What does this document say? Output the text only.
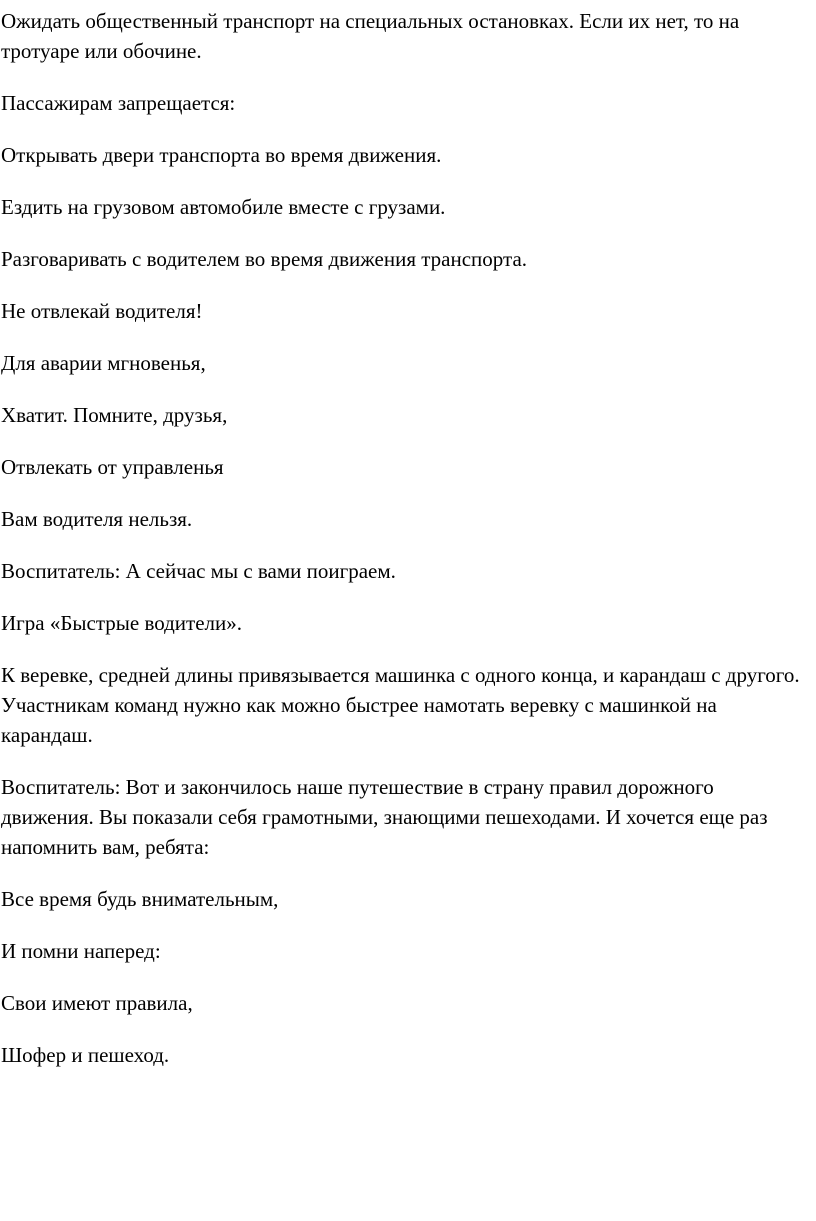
Ожидать общественный транспорт на специальных остановках. Если их нет, то на тротуаре или обочине.

Пассажирам запрещается:

Открывать двери транспорта во время движения.

Ездить на грузовом автомобиле вместе с грузами.

Разговаривать с водителем во время движения транспорта.

Не отвлекай водителя!

Для аварии мгновенья,

Хватит. Помните, друзья,

Отвлекать от управленья

Вам водителя нельзя.

Воспитатель: А сейчас мы с вами поиграем.

Игра «Быстрые водители».

К веревке, средней длины привязывается машинка с одного конца, и карандаш с другого. Участникам команд нужно как можно быстрее намотать веревку с машинкой на карандаш.

Воспитатель: Вот и закончилось наше путешествие в страну правил дорожного движения. Вы показали себя грамотными, знающими пешеходами. И хочется еще раз напомнить вам, ребята:

Все время будь внимательным,

И помни наперед:

Свои имеют правила,

Шофер и пешеход.
